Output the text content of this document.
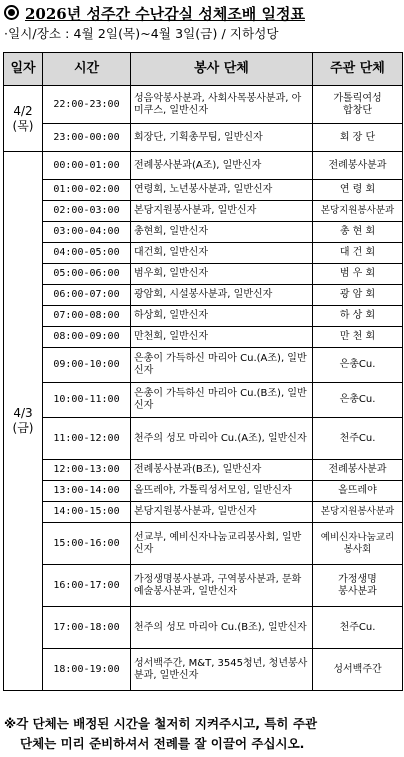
2026년 성주간 수난감실 성체조배 일정표
·일시/장소 : 4월 2일(목)~4월 3일(금) / 지하성당
일자	시간	봉사 단체	주관 단체
4/2
(목)	22:00-23:00	성음악봉사분과, 사회사목봉사분과, 아미쿠스, 일반신자	가톨릭여성
합창단
	23:00-00:00	회장단, 기획총무팀, 일반신자	회 장 단
4/3
(금)	00:00-01:00	전례봉사분과(A조), 일반신자	전례봉사분과
	01:00-02:00	연령회, 노년봉사분과, 일반신자	연 령 회
	02:00-03:00	본당지원봉사분과, 일반신자	본당지원봉사분과
	03:00-04:00	총현회, 일반신자	총 현 회
	04:00-05:00	대건회, 일반신자	대 건 회
	05:00-06:00	범우회, 일반신자	범 우 회
	06:00-07:00	광암회, 시설봉사분과, 일반신자	광 암 회
	07:00-08:00	하상회, 일반신자	하 상 회
	08:00-09:00	만천회, 일반신자	만 천 회
	09:00-10:00	은총이 가득하신 마리아 Cu.(A조), 일반신자	은총Cu.
	10:00-11:00	은총이 가득하신 마리아 Cu.(B조), 일반신자	은총Cu.
	11:00-12:00	천주의 성모 마리아 Cu.(A조), 일반신자	천주Cu.
	12:00-13:00	전례봉사분과(B조), 일반신자	전례봉사분과
	13:00-14:00	올뜨레야, 가톨릭성서모임, 일반신자	올뜨레야
	14:00-15:00	본당지원봉사분과, 일반신자	본당지원봉사분과
	15:00-16:00	선교부, 예비신자나눔교리봉사회, 일반신자	예비신자나눔교리
봉사회
	16:00-17:00	가정생명봉사분과, 구역봉사분과, 문화예술봉사분과, 일반신자	가정생명
봉사분과
	17:00-18:00	천주의 성모 마리아 Cu.(B조), 일반신자	천주Cu.
	18:00-19:00	성서백주간, M&T, 3545청년, 청년봉사분과, 일반신자	성서백주간
※각 단체는 배정된 시간을 철저히 지켜주시고, 특히 주관
단체는 미리 준비하셔서 전례를 잘 이끌어 주십시오.
